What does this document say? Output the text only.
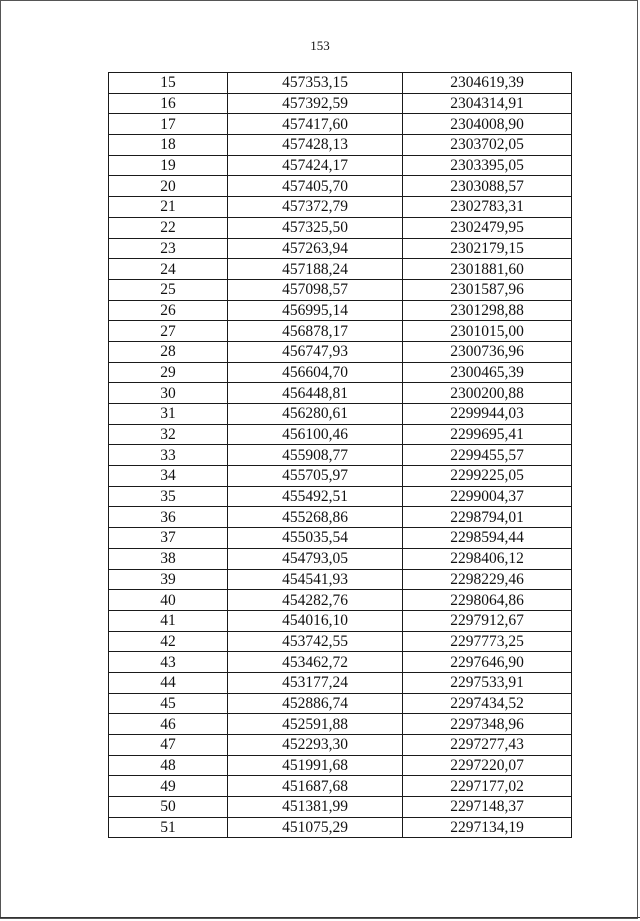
153
15	457353,15	2304619,39
16	457392,59	2304314,91
17	457417,60	2304008,90
18	457428,13	2303702,05
19	457424,17	2303395,05
20	457405,70	2303088,57
21	457372,79	2302783,31
22	457325,50	2302479,95
23	457263,94	2302179,15
24	457188,24	2301881,60
25	457098,57	2301587,96
26	456995,14	2301298,88
27	456878,17	2301015,00
28	456747,93	2300736,96
29	456604,70	2300465,39
30	456448,81	2300200,88
31	456280,61	2299944,03
32	456100,46	2299695,41
33	455908,77	2299455,57
34	455705,97	2299225,05
35	455492,51	2299004,37
36	455268,86	2298794,01
37	455035,54	2298594,44
38	454793,05	2298406,12
39	454541,93	2298229,46
40	454282,76	2298064,86
41	454016,10	2297912,67
42	453742,55	2297773,25
43	453462,72	2297646,90
44	453177,24	2297533,91
45	452886,74	2297434,52
46	452591,88	2297348,96
47	452293,30	2297277,43
48	451991,68	2297220,07
49	451687,68	2297177,02
50	451381,99	2297148,37
51	451075,29	2297134,19
